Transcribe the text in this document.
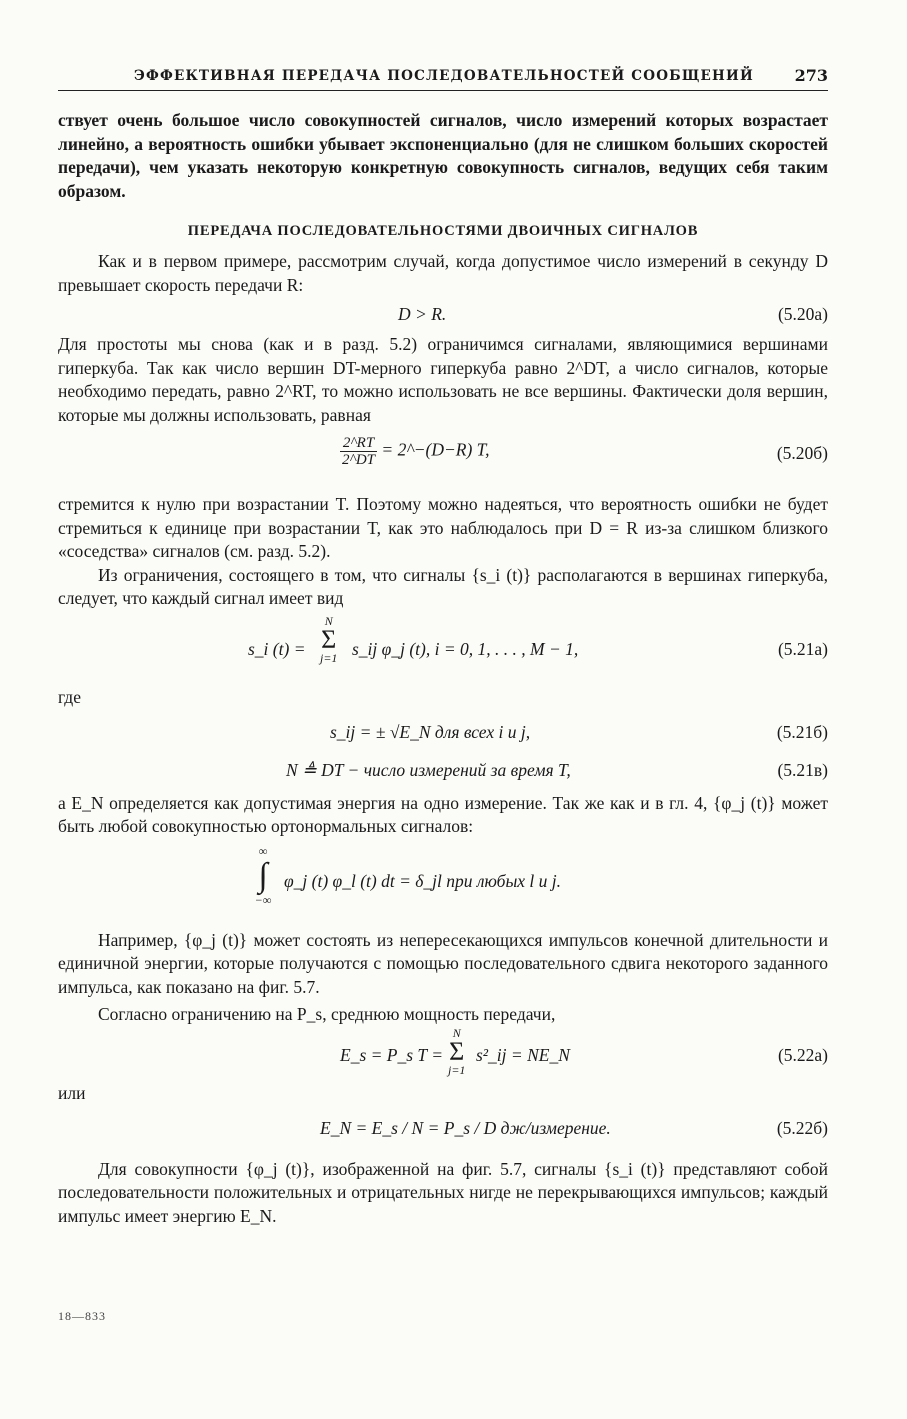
ЭФФЕКТИВНАЯ ПЕРЕДАЧА ПОСЛЕДОВАТЕЛЬНОСТЕЙ СООБЩЕНИЙ	273

ствует очень большое число совокупностей сигналов, число измерений которых возрастает линейно, а вероятность ошибки убывает экспоненциально (для не слишком больших скоростей передачи), чем указать некоторую конкретную совокупность сигналов, ведущих себя таким образом.

ПЕРЕДАЧА ПОСЛЕДОВАТЕЛЬНОСТЯМИ ДВОИЧНЫХ СИГНАЛОВ

Как и в первом примере, рассмотрим случай, когда допустимое число измерений в секунду D превышает скорость передачи R:

D > R.	(5.20а)

Для простоты мы снова (как и в разд. 5.2) ограничимся сигналами, являющимися вершинами гиперкуба. Так как число вершин DT-мерного гиперкуба равно 2^DT, а число сигналов, которые необходимо передать, равно 2^RT, то можно использовать не все вершины. Фактически доля вершин, которые мы должны использовать, равная

$\frac{2\^{}RT}{2\^{}DT}$ = 2^−(D−R) T,	(5.20б)

стремится к нулю при возрастании T. Поэтому можно надеяться, что вероятность ошибки не будет стремиться к единице при возрастании T, как это наблюдалось при D = R из-за слишком близкого «соседства» сигналов (см. разд. 5.2).

Из ограничения, состоящего в том, что сигналы {s_i (t)} располагаются в вершинах гиперкуба, следует, что каждый сигнал имеет вид

s_i (t) =
N
Σ
j=1 s_ij φ_j (t), i = 0, 1, . . . , M − 1,	(5.21а)
где
s_ij = ± √E_N для всех i и j,	(5.21б)
N ≜ DT − число измерений за время T,	(5.21в)

а E_N определяется как допустимая энергия на одно измерение. Так же как и в гл. 4, {φ_j (t)} может быть любой совокупностью ортонормальных сигналов:

∞
∫
−∞
φ_j (t) φ_l (t) dt = δ_jl при любых l и j.

Например, {φ_j (t)} может состоять из непересекающихся импульсов конечной длительности и единичной энергии, которые получаются с помощью последовательного сдвига некоторого заданного импульса, как показано на фиг. 5.7.

Согласно ограничению на P_s, среднюю мощность передачи,

E_s = P_s T =
N
Σ
j=1
s²_ij = NE_N	(5.22а)
или
E_N = E_s / N = P_s / D дж/измерение.	(5.22б)

Для совокупности {φ_j (t)}, изображенной на фиг. 5.7, сигналы {s_i (t)} представляют собой последовательности положительных и отрицательных нигде не перекрывающихся импульсов; каждый импульс имеет энергию E_N.

18—833
